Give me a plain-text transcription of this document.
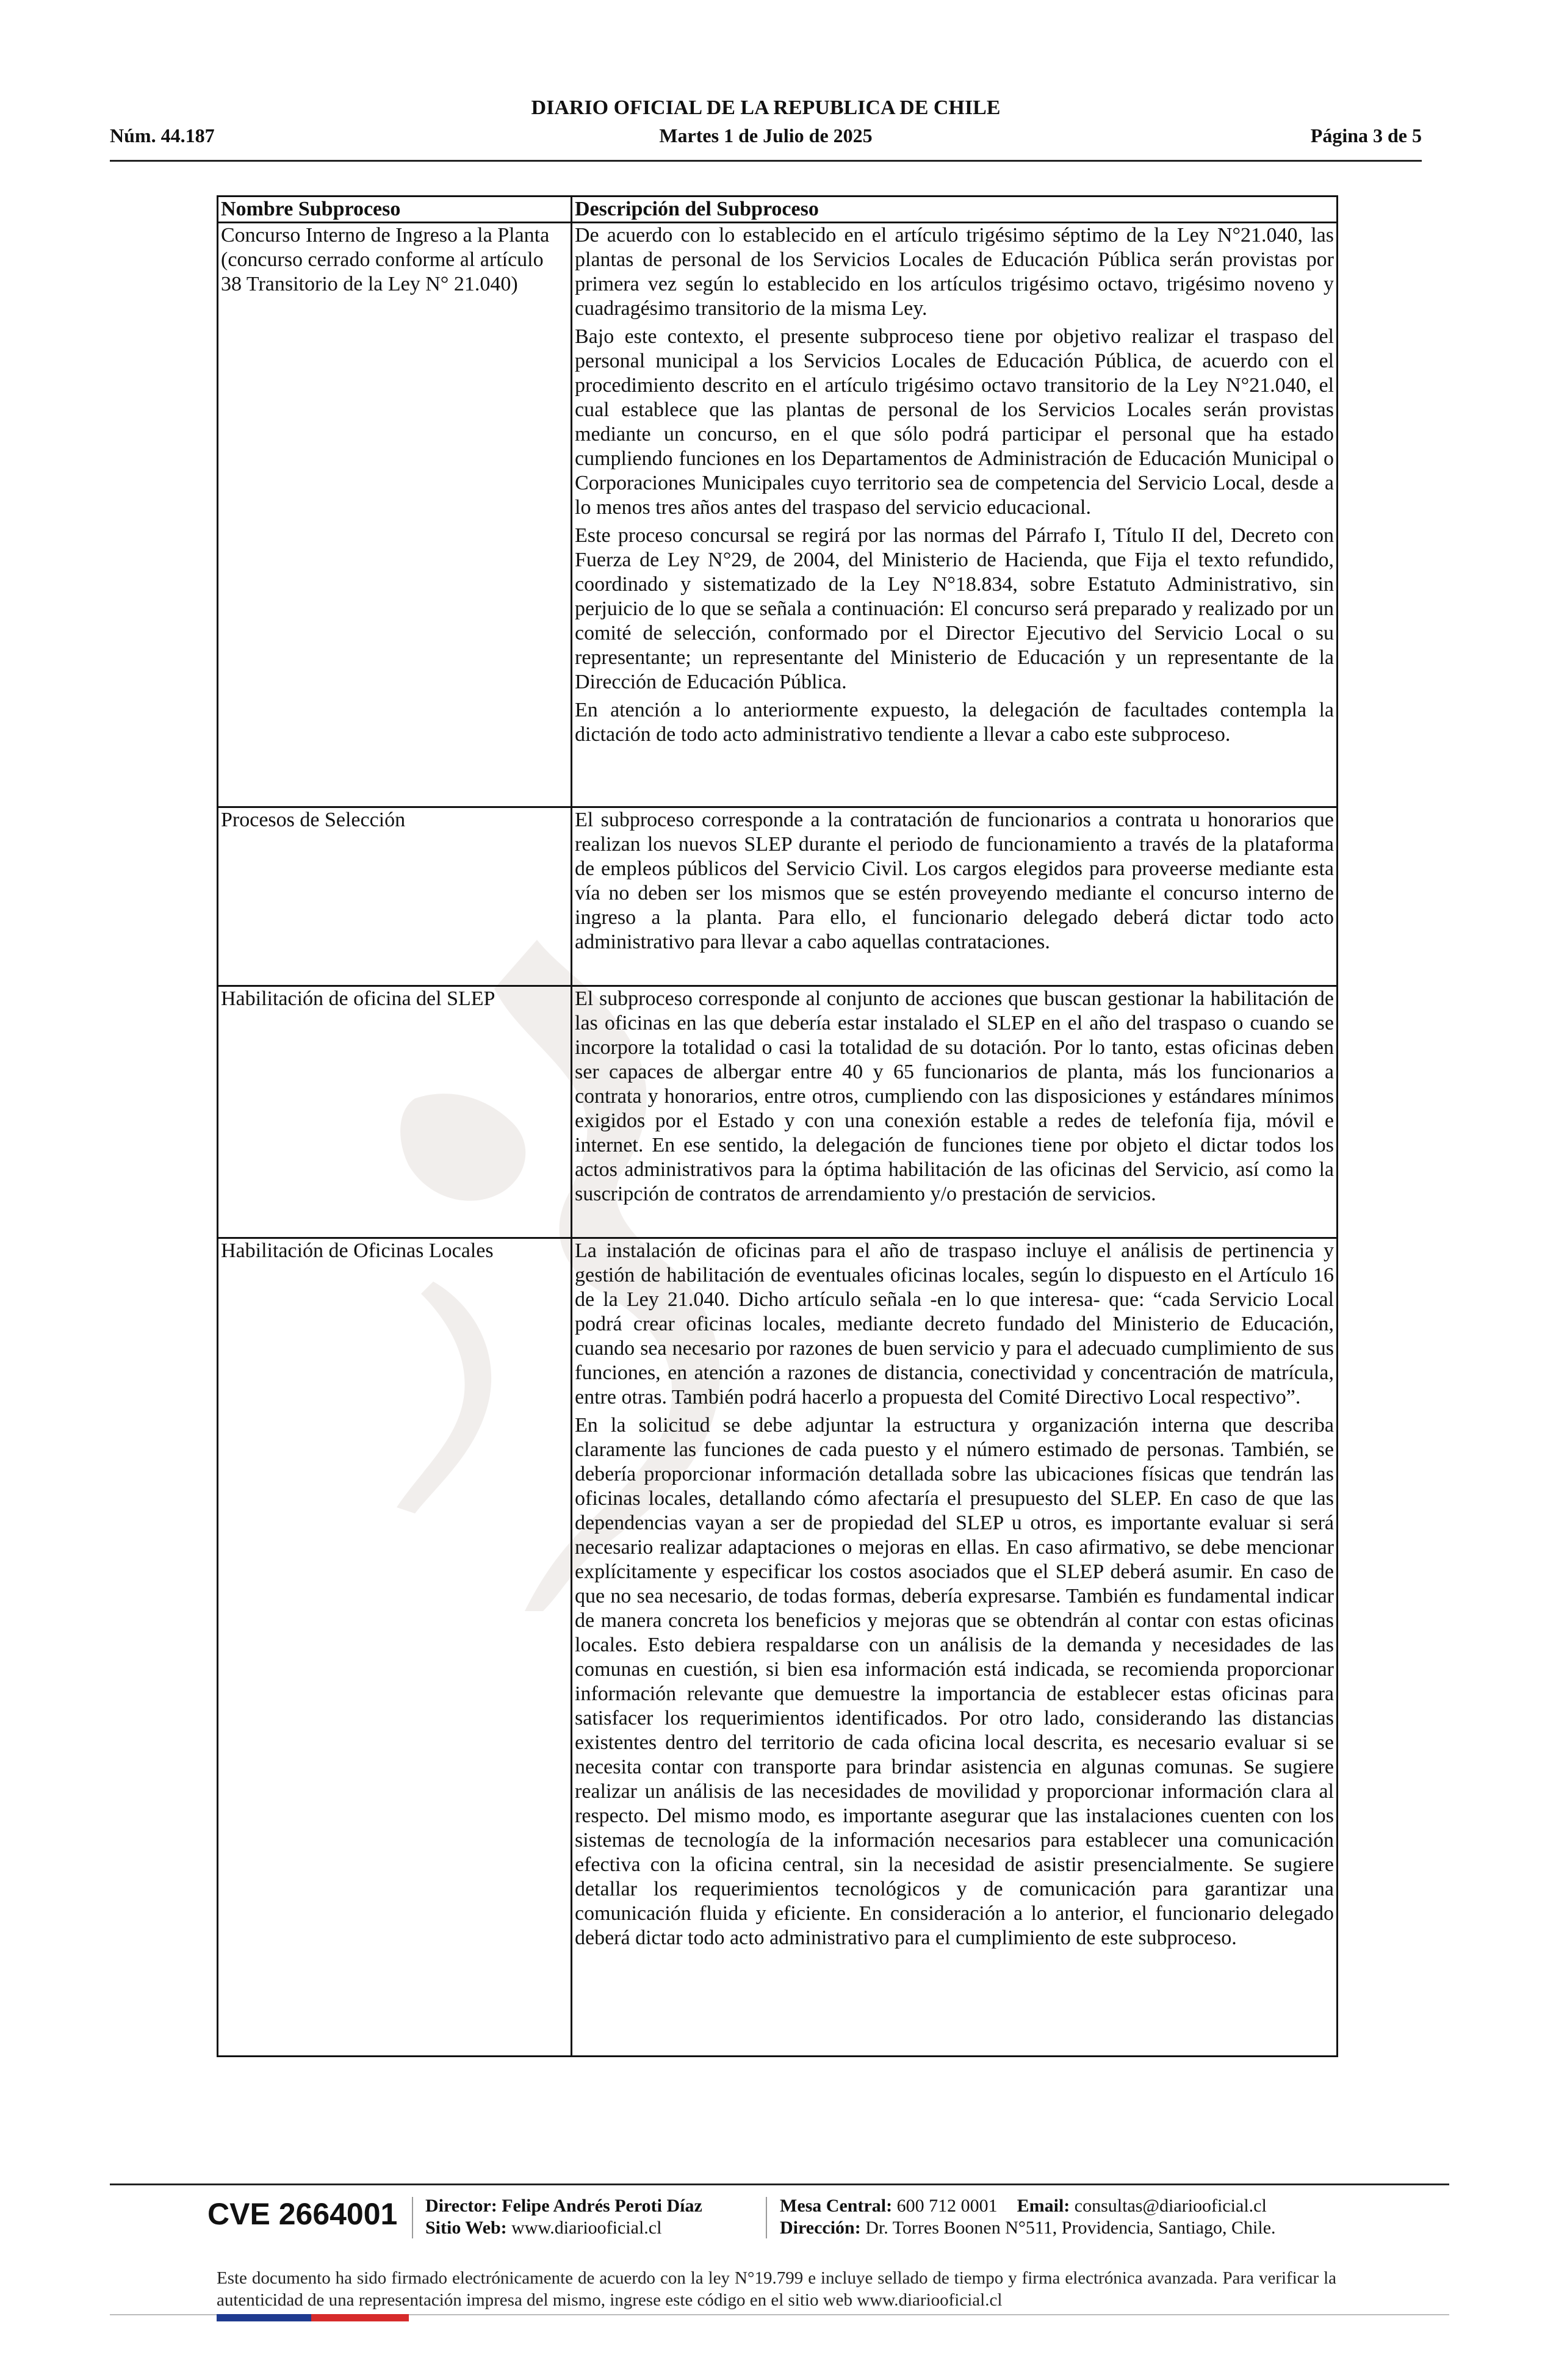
DIARIO OFICIAL DE LA REPUBLICA DE CHILE
Núm. 44.187	Martes 1 de Julio de 2025	Página 3 de 5
Nombre Subproceso	Descripción del Subproceso
Concurso Interno de Ingreso a la Planta (concurso cerrado conforme al artículo 38 Transitorio de la Ley N° 21.040)	De acuerdo con lo establecido en el artículo trigésimo séptimo de la Ley N°21.040, las plantas de personal de los Servicios Locales de Educación Pública serán provistas por primera vez según lo establecido en los artículos trigésimo octavo, trigésimo noveno y cuadragésimo transitorio de la misma Ley.

Bajo este contexto, el presente subproceso tiene por objetivo realizar el traspaso del personal municipal a los Servicios Locales de Educación Pública, de acuerdo con el procedimiento descrito en el artículo trigésimo octavo transitorio de la Ley N°21.040, el cual establece que las plantas de personal de los Servicios Locales serán provistas mediante un concurso, en el que sólo podrá participar el personal que ha estado cumpliendo funciones en los Departamentos de Administración de Educación Municipal o Corporaciones Municipales cuyo territorio sea de competencia del Servicio Local, desde a lo menos tres años antes del traspaso del servicio educacional.

Este proceso concursal se regirá por las normas del Párrafo I, Título II del, Decreto con Fuerza de Ley N°29, de 2004, del Ministerio de Hacienda, que Fija el texto refundido, coordinado y sistematizado de la Ley N°18.834, sobre Estatuto Administrativo, sin perjuicio de lo que se señala a continuación: El concurso será preparado y realizado por un comité de selección, conformado por el Director Ejecutivo del Servicio Local o su representante; un representante del Ministerio de Educación y un representante de la Dirección de Educación Pública.

En atención a lo anteriormente expuesto, la delegación de facultades contempla la dictación de todo acto administrativo tendiente a llevar a cabo este subproceso.

Procesos de Selección	El subproceso corresponde a la contratación de funcionarios a contrata u honorarios que realizan los nuevos SLEP durante el periodo de funcionamiento a través de la plataforma de empleos públicos del Servicio Civil. Los cargos elegidos para proveerse mediante esta vía no deben ser los mismos que se estén proveyendo mediante el concurso interno de ingreso a la planta. Para ello, el funcionario delegado deberá dictar todo acto administrativo para llevar a cabo aquellas contrataciones.

Habilitación de oficina del SLEP	El subproceso corresponde al conjunto de acciones que buscan gestionar la habilitación de las oficinas en las que debería estar instalado el SLEP en el año del traspaso o cuando se incorpore la totalidad o casi la totalidad de su dotación. Por lo tanto, estas oficinas deben ser capaces de albergar entre 40 y 65 funcionarios de planta, más los funcionarios a contrata y honorarios, entre otros, cumpliendo con las disposiciones y estándares mínimos exigidos por el Estado y con una conexión estable a redes de telefonía fija, móvil e internet. En ese sentido, la delegación de funciones tiene por objeto el dictar todos los actos administrativos para la óptima habilitación de las oficinas del Servicio, así como la suscripción de contratos de arrendamiento y/o prestación de servicios.

Habilitación de Oficinas Locales	La instalación de oficinas para el año de traspaso incluye el análisis de pertinencia y gestión de habilitación de eventuales oficinas locales, según lo dispuesto en el Artículo 16 de la Ley 21.040. Dicho artículo señala -en lo que interesa- que: “cada Servicio Local podrá crear oficinas locales, mediante decreto fundado del Ministerio de Educación, cuando sea necesario por razones de buen servicio y para el adecuado cumplimiento de sus funciones, en atención a razones de distancia, conectividad y concentración de matrícula, entre otras. También podrá hacerlo a propuesta del Comité Directivo Local respectivo”.

En la solicitud se debe adjuntar la estructura y organización interna que describa claramente las funciones de cada puesto y el número estimado de personas. También, se debería proporcionar información detallada sobre las ubicaciones físicas que tendrán las oficinas locales, detallando cómo afectaría el presupuesto del SLEP. En caso de que las dependencias vayan a ser de propiedad del SLEP u otros, es importante evaluar si será necesario realizar adaptaciones o mejoras en ellas. En caso afirmativo, se debe mencionar explícitamente y especificar los costos asociados que el SLEP deberá asumir. En caso de que no sea necesario, de todas formas, debería expresarse. También es fundamental indicar de manera concreta los beneficios y mejoras que se obtendrán al contar con estas oficinas locales. Esto debiera respaldarse con un análisis de la demanda y necesidades de las comunas en cuestión, si bien esa información está indicada, se recomienda proporcionar información relevante que demuestre la importancia de establecer estas oficinas para satisfacer los requerimientos identificados. Por otro lado, considerando las distancias existentes dentro del territorio de cada oficina local descrita, es necesario evaluar si se necesita contar con transporte para brindar asistencia en algunas comunas. Se sugiere realizar un análisis de las necesidades de movilidad y proporcionar información clara al respecto. Del mismo modo, es importante asegurar que las instalaciones cuenten con los sistemas de tecnología de la información necesarios para establecer una comunicación efectiva con la oficina central, sin la necesidad de asistir presencialmente. Se sugiere detallar los requerimientos tecnológicos y de comunicación para garantizar una comunicación fluida y eficiente. En consideración a lo anterior, el funcionario delegado deberá dictar todo acto administrativo para el cumplimiento de este subproceso.

CVE 2664001 Director: Felipe Andrés Peroti Díaz
Sitio Web: www.diariooficial.cl
Mesa Central: 600 712 0001 Email: consultas@diariooficial.cl
Dirección: Dr. Torres Boonen N°511, Providencia, Santiago, Chile.
Este documento ha sido firmado electrónicamente de acuerdo con la ley N°19.799 e incluye sellado de tiempo y firma electrónica avanzada. Para verificar la autenticidad de una representación impresa del mismo, ingrese este código en el sitio web www.diariooficial.cl
